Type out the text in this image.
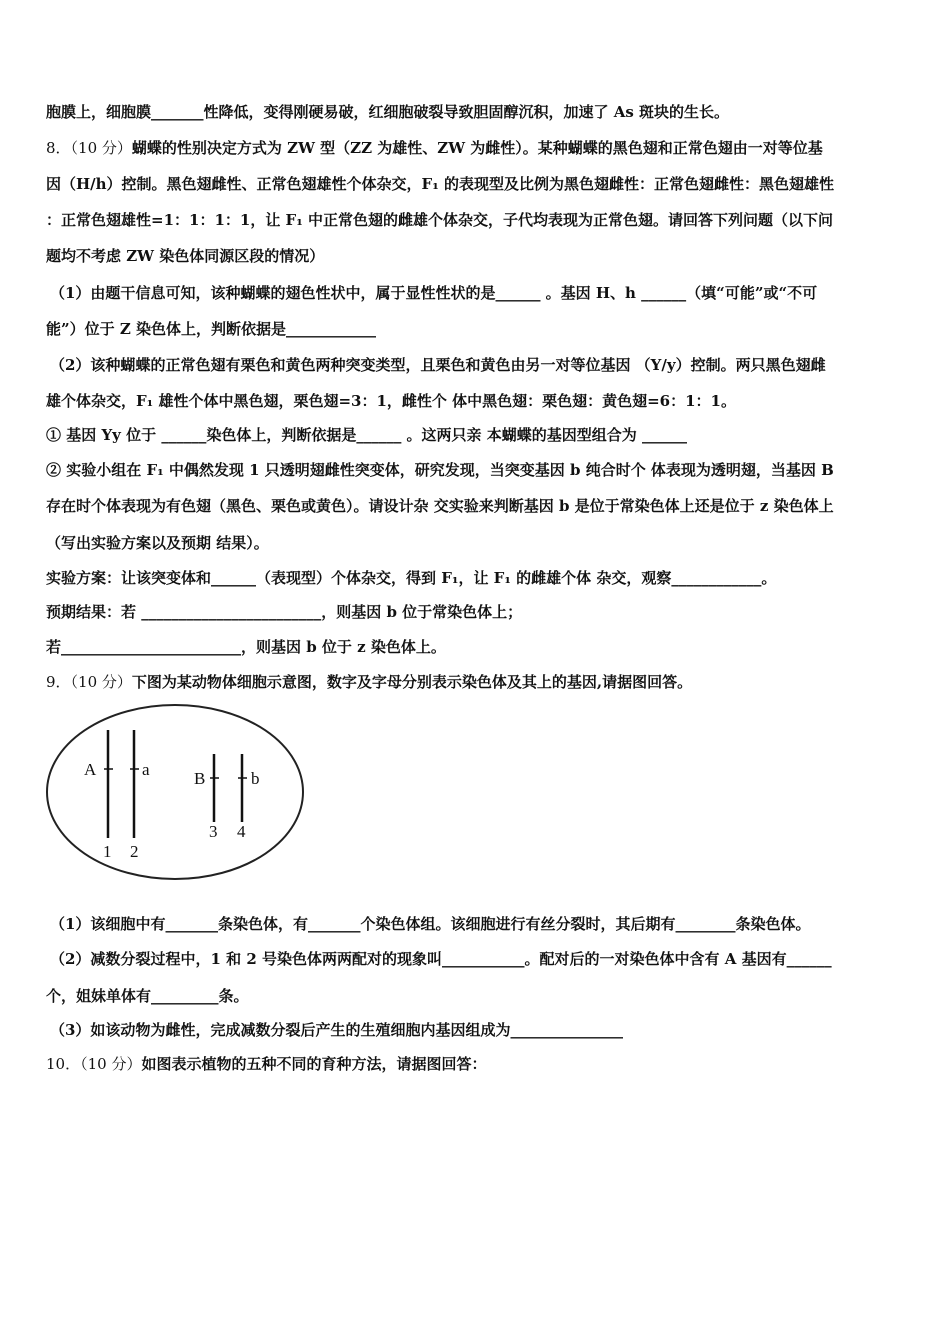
胞膜上，细胞膜_______性降低，变得刚硬易破，红细胞破裂导致胆固醇沉积，加速了 As 斑块的生长。
8．（10 分）蝴蝶的性别决定方式为 ZW 型（ZZ 为雄性、ZW 为雌性）。某种蝴蝶的黑色翅和正常色翅由一对等位基
因（H/h）控制。黑色翅雌性、正常色翅雄性个体杂交，F₁ 的表现型及比例为黑色翅雌性：正常色翅雌性：黑色翅雄性
：正常色翅雄性=1：1：1：1，让 F₁ 中正常色翅的雌雄个体杂交，子代均表现为正常色翅。请回答下列问题（以下问
题均不考虑 ZW 染色体同源区段的情况）
（1）由题干信息可知，该种蝴蝶的翅色性状中，属于显性性状的是______ 。基因 H、h ______（填“可能”或“不可
能”）位于 Z 染色体上，判断依据是____________
（2）该种蝴蝶的正常色翅有栗色和黄色两种突变类型，且栗色和黄色由另一对等位基因 （Y/y）控制。两只黑色翅雌
雄个体杂交，F₁ 雄性个体中黑色翅，栗色翅=3：1，雌性个 体中黑色翅：栗色翅：黄色翅=6：1：1。
① 基因 Yy 位于 ______染色体上，判断依据是______ 。这两只亲 本蝴蝶的基因型组合为 ______
② 实验小组在 F₁ 中偶然发现 1 只透明翅雌性突变体，研究发现，当突变基因 b 纯合时个 体表现为透明翅，当基因 B
存在时个体表现为有色翅（黑色、栗色或黄色）。请设计杂 交实验来判断基因 b 是位于常染色体上还是位于 z 染色体上
（写出实验方案以及预期 结果）。
实验方案：让该突变体和______（表现型）个体杂交，得到 F₁，让 F₁ 的雌雄个体 杂交，观察____________。
预期结果：若 ________________________，则基因 b 位于常染色体上；
若________________________，则基因 b 位于 z 染色体上。
9．（10 分）下图为某动物体细胞示意图，数字及字母分别表示染色体及其上的基因,请据图回答。
A	a	B	b
1 2
3 4
（1）该细胞中有_______条染色体，有_______个染色体组。该细胞进行有丝分裂时，其后期有________条染色体。
（2）减数分裂过程中，1 和 2 号染色体两两配对的现象叫___________。配对后的一对染色体中含有 A 基因有______
个，姐妹单体有_________条。
（3）如该动物为雌性，完成减数分裂后产生的生殖细胞内基因组成为_______________
10．（10 分）如图表示植物的五种不同的育种方法，请据图回答：
